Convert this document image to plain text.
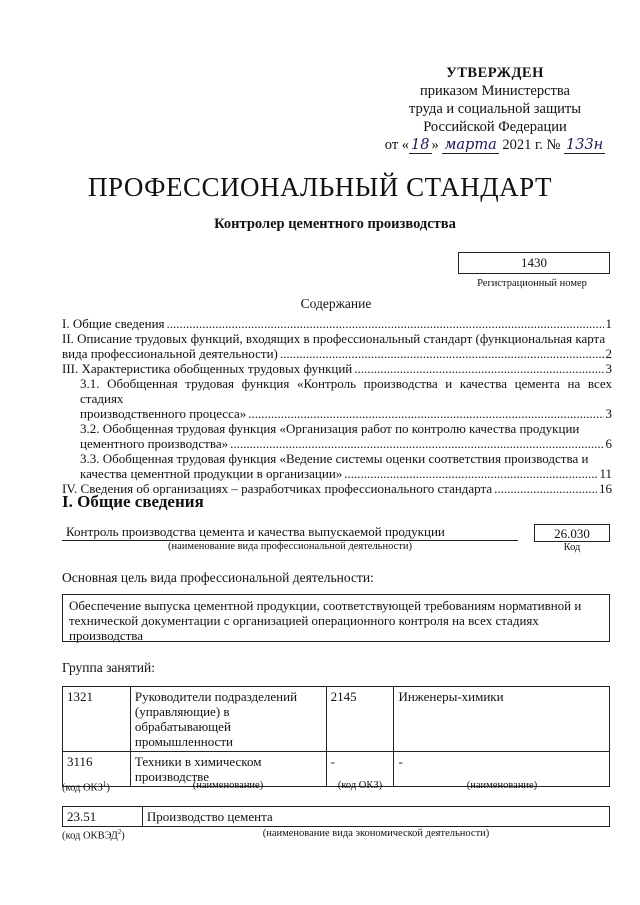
УТВЕРЖДЕН
приказом Министерства
труда и социальной защиты
Российской Федерации
от « 18 » марта 2021 г. № 133н
ПРОФЕССИОНАЛЬНЫЙ СТАНДАРТ
Контролер цементного производства
1430
Регистрационный номер
Содержание
I. Общие сведения .....	1
II. Описание трудовых функций, входящих в профессиональный стандарт (функциональная карта
вида профессиональной деятельности) .....	2
III. Характеристика обобщенных трудовых функций .....	3
3.1. Обобщенная трудовая функция «Контроль производства и качества цемента на всех стадиях
производственного процесса» .....	3
3.2. Обобщенная трудовая функция «Организация работ по контролю качества продукции
цементного производства» .....	6
3.3. Обобщенная трудовая функция «Ведение системы оценки соответствия производства и
качества цементной продукции в организации» .....	11
IV. Сведения об организациях – разработчиках профессионального стандарта .....	16
I. Общие сведения
Контроль производства цемента и качества выпускаемой продукции
(наименование вида профессиональной деятельности)
26.030
Код
Основная цель вида профессиональной деятельности:
Обеспечение выпуска цементной продукции, соответствующей требованиям нормативной и технической документации с организацией операционного контроля на всех стадиях производства
Группа занятий:
1321	Руководители подразделений (управляющие) в обрабатывающей промышленности	2145	Инженеры-химики
3116	Техники в химическом производстве	-	-
(код ОКЗ$^1$)	(наименование)	(код ОКЗ)	(наименование)
23.51	Производство цемента
(код ОКВЭД$^2$)	(наименование вида экономической деятельности)
